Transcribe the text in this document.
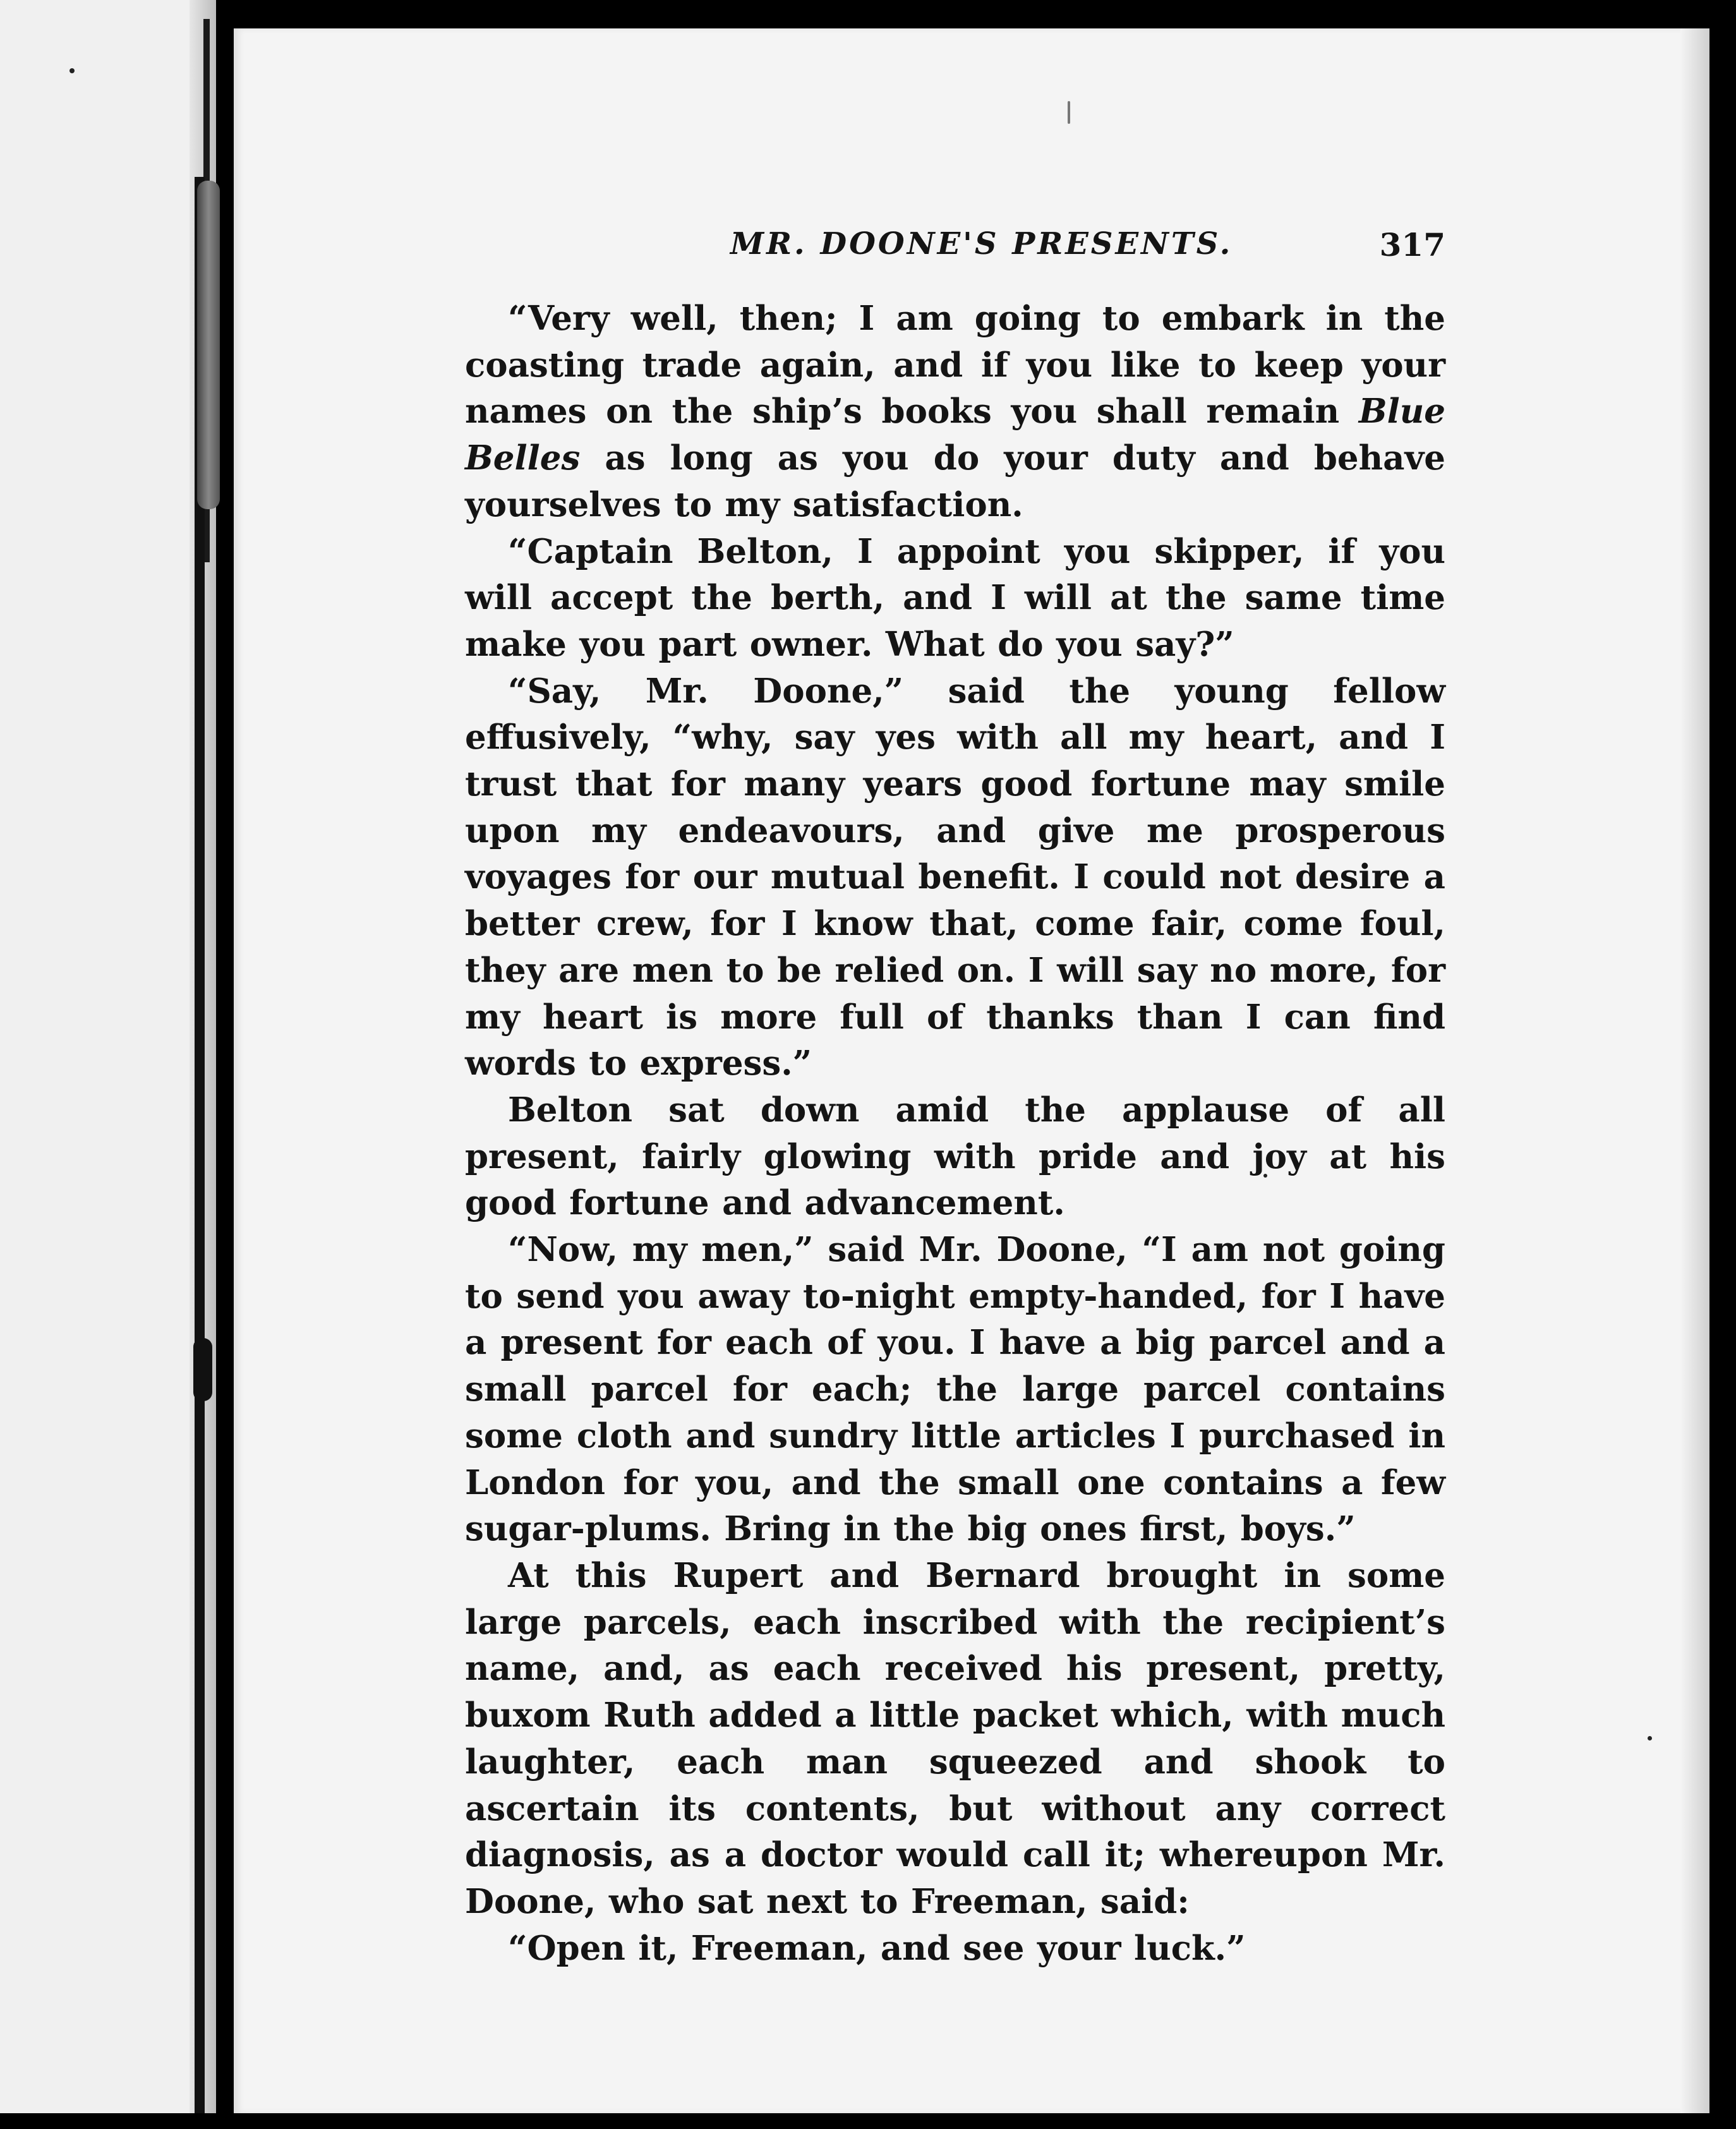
MR. DOONE'S PRESENTS.	317

“Very well, then; I am going to embark in the coasting trade again, and if you like to keep your names on the ship’s books you shall remain Blue Belles as long as you do your duty and behave yourselves to my satisfaction.

“Captain Belton, I appoint you skipper, if you will accept the berth, and I will at the same time make you part owner. What do you say?”

“Say, Mr. Doone,” said the young fellow effusively, “why, say yes with all my heart, and I trust that for many years good fortune may smile upon my endeavours, and give me prosperous voyages for our mutual benefit. I could not desire a better crew, for I know that, come fair, come foul, they are men to be relied on. I will say no more, for my heart is more full of thanks than I can find words to express.”

Belton sat down amid the applause of all present, fairly glowing with pride and joy at his good fortune and advancement.

“Now, my men,” said Mr. Doone, “I am not going to send you away to-night empty-handed, for I have a present for each of you. I have a big parcel and a small parcel for each; the large parcel contains some cloth and sundry little articles I purchased in London for you, and the small one contains a few sugar-plums. Bring in the big ones first, boys.”

At this Rupert and Bernard brought in some large parcels, each inscribed with the recipient’s name, and, as each received his present, pretty, buxom Ruth added a little packet which, with much laughter, each man squeezed and shook to ascertain its contents, but without any correct diagnosis, as a doctor would call it; whereupon Mr. Doone, who sat next to Freeman, said:

“Open it, Freeman, and see your luck.”
